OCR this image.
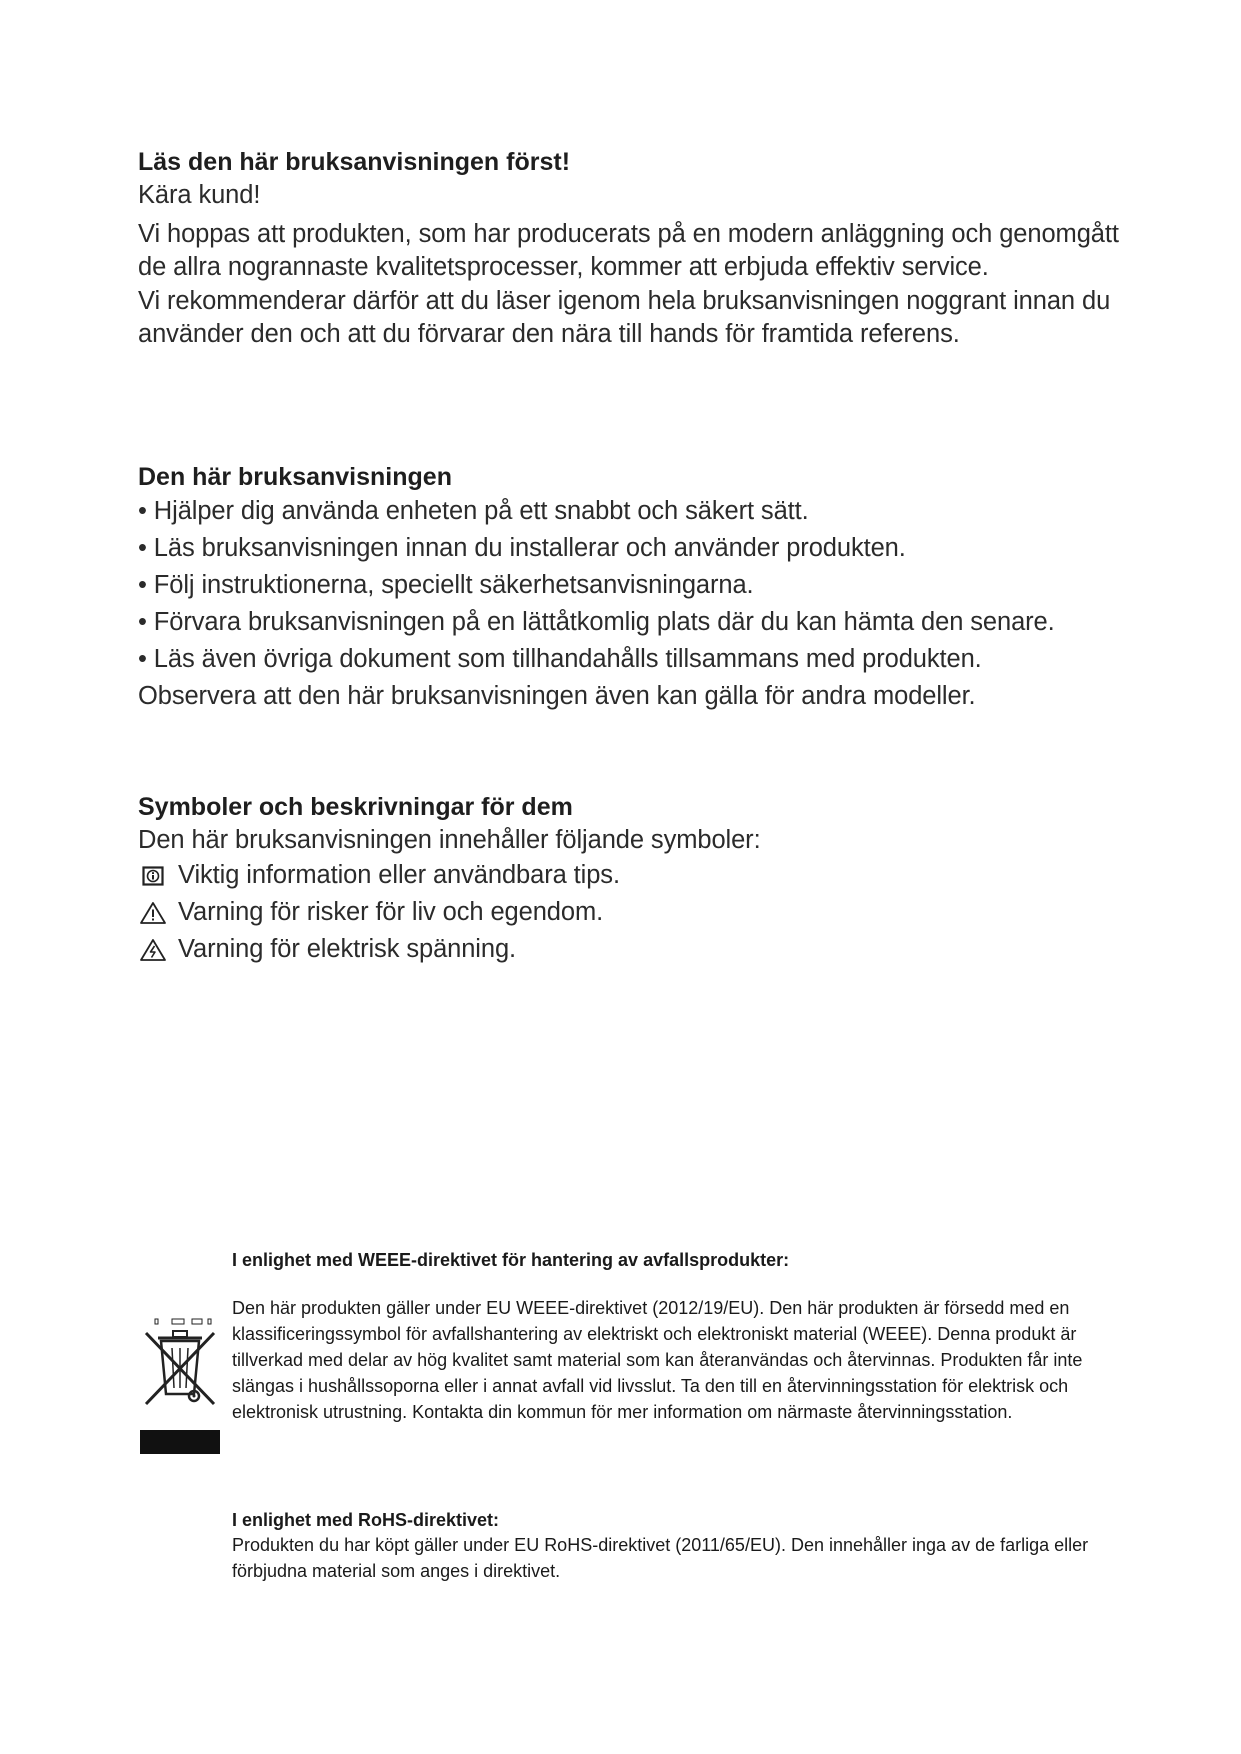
Läs den här bruksanvisningen först!

Kära kund!

Vi hoppas att produkten, som har producerats på en modern anläggning och genomgått de allra nogrannaste kvalitetsprocesser, kommer att erbjuda effektiv service.

Vi rekommenderar därför att du läser igenom hela bruksanvisningen noggrant innan du använder den och att du förvarar den nära till hands för framtida referens.

Den här bruksanvisningen

• Hjälper dig använda enheten på ett snabbt och säkert sätt.

• Läs bruksanvisningen innan du installerar och använder produkten.

• Följ instruktionerna, speciellt säkerhetsanvisningarna.

• Förvara bruksanvisningen på en lättåtkomlig plats där du kan hämta den senare.

• Läs även övriga dokument som tillhandahålls tillsammans med produkten.

Observera att den här bruksanvisningen även kan gälla för andra modeller.

Symboler och beskrivningar för dem

Den här bruksanvisningen innehåller följande symboler:

Viktig information eller användbara tips.
Varning för risker för liv och egendom.
Varning för elektrisk spänning.

I enlighet med WEEE-direktivet för hantering av avfallsprodukter:

Den här produkten gäller under EU WEEE-direktivet (2012/19/EU). Den här produkten är försedd med en klassificeringssymbol för avfallshantering av elektriskt och elektroniskt material (WEEE). Denna produkt är tillverkad med delar av hög kvalitet samt material som kan återanvändas och återvinnas. Produkten får inte slängas i hushållssoporna eller i annat avfall vid livsslut. Ta den till en återvinningsstation för elektrisk och elektronisk utrustning. Kontakta din kommun för mer information om närmaste återvinningsstation.

I enlighet med RoHS-direktivet:

Produkten du har köpt gäller under EU RoHS-direktivet (2011/65/EU). Den innehåller inga av de farliga eller förbjudna material som anges i direktivet.
